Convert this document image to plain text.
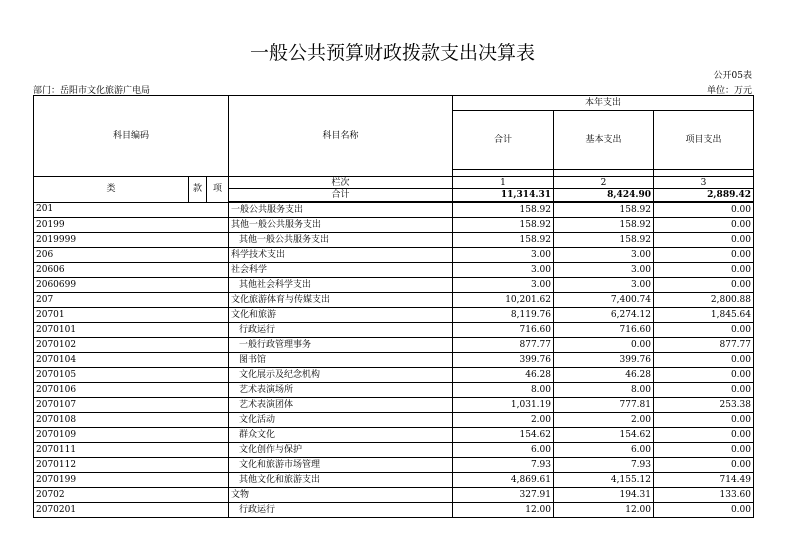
一般公共预算财政拨款支出决算表
公开05表
部门：岳阳市文化旅游广电局	单位：万元
科目编码			科目名称	本年支出		
				合计	基本支出	项目支出

类	款	项	栏次	1	2	3
			合计	11,314.31	8,424.90	2,889.42
201			一般公共服务支出	158.92	158.92	0.00
20199			其他一般公共服务支出	158.92	158.92	0.00
2019999			其他一般公共服务支出	158.92	158.92	0.00
206			科学技术支出	3.00	3.00	0.00
20606			社会科学	3.00	3.00	0.00
2060699			其他社会科学支出	3.00	3.00	0.00
207			文化旅游体育与传媒支出	10,201.62	7,400.74	2,800.88
20701			文化和旅游	8,119.76	6,274.12	1,845.64
2070101			行政运行	716.60	716.60	0.00
2070102			一般行政管理事务	877.77	0.00	877.77
2070104			图书馆	399.76	399.76	0.00
2070105			文化展示及纪念机构	46.28	46.28	0.00
2070106			艺术表演场所	8.00	8.00	0.00
2070107			艺术表演团体	1,031.19	777.81	253.38
2070108			文化活动	2.00	2.00	0.00
2070109			群众文化	154.62	154.62	0.00
2070111			文化创作与保护	6.00	6.00	0.00
2070112			文化和旅游市场管理	7.93	7.93	0.00
2070199			其他文化和旅游支出	4,869.61	4,155.12	714.49
20702			文物	327.91	194.31	133.60
2070201			行政运行	12.00	12.00	0.00
